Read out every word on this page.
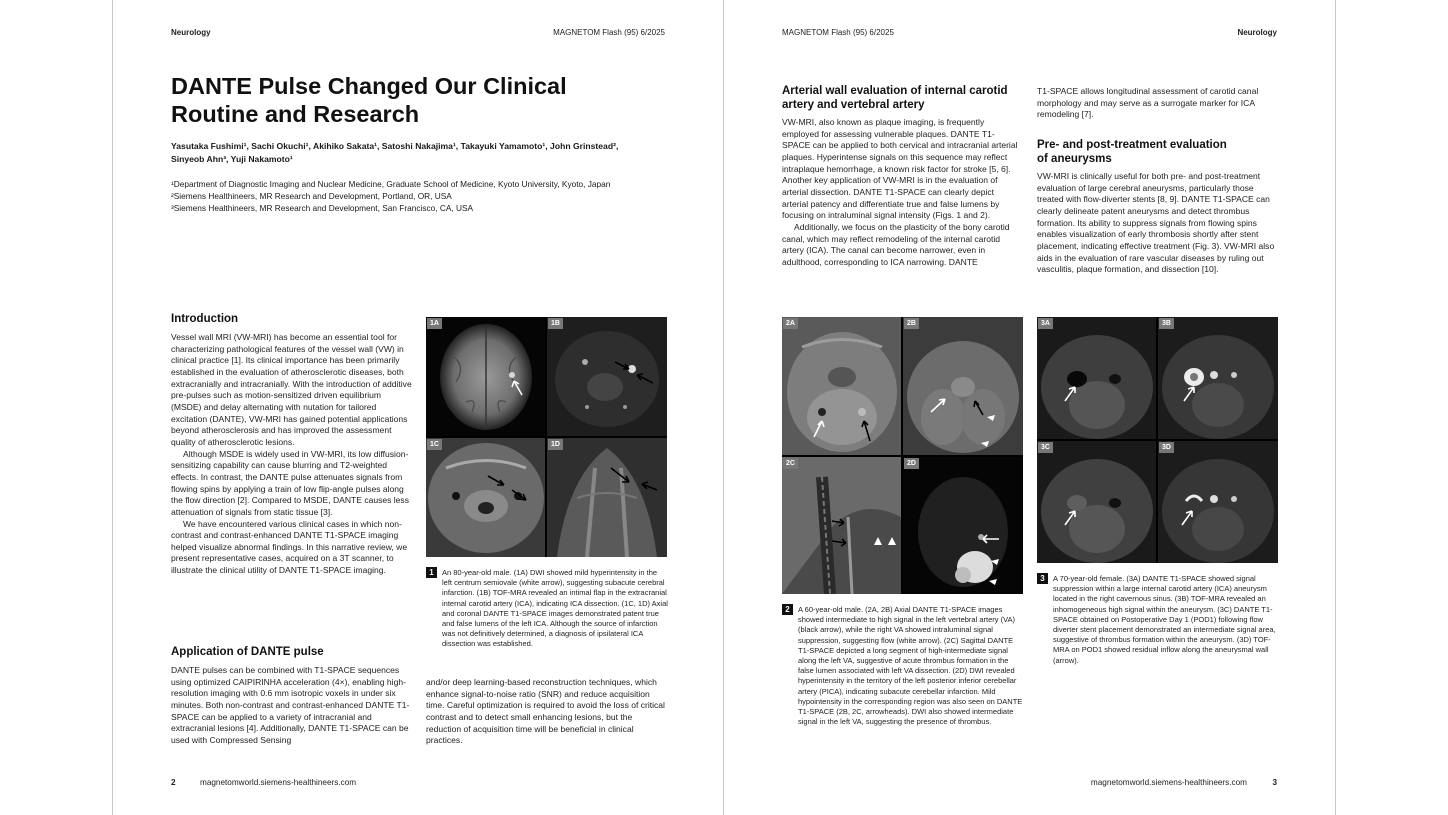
Neurology	MAGNETOM Flash (95) 6/2025
DANTE Pulse Changed Our Clinical
Routine and Research
Yasutaka Fushimi¹, Sachi Okuchi¹, Akihiko Sakata¹, Satoshi Nakajima¹, Takayuki Yamamoto¹, John Grinstead²,
Sinyeob Ahn³, Yuji Nakamoto¹
¹Department of Diagnostic Imaging and Nuclear Medicine, Graduate School of Medicine, Kyoto University, Kyoto, Japan
²Siemens Healthineers, MR Research and Development, Portland, OR, USA
³Siemens Healthineers, MR Research and Development, San Francisco, CA, USA
Introduction

Vessel wall MRI (VW-MRI) has become an essential tool for characterizing pathological features of the vessel wall (VW) in clinical practice [1]. Its clinical importance has been primarily established in the evaluation of atherosclerotic diseases, both extracranially and intracranially. With the introduction of additive pre-pulses such as motion-sensitized driven equilibrium (MSDE) and delay alternating with nutation for tailored excitation (DANTE), VW-MRI has gained potential applications beyond atherosclerosis and has improved the assessment quality of atherosclerotic lesions.

Although MSDE is widely used in VW-MRI, its low diffusion-sensitizing capability can cause blurring and T2-weighted effects. In contrast, the DANTE pulse attenuates signals from flowing spins by applying a train of low flip-angle pulses along the flow direction [2]. Compared to MSDE, DANTE causes less attenuation of signals from static tissue [3].

We have encountered various clinical cases in which non-contrast and contrast-enhanced DANTE T1-SPACE imaging helped visualize abnormal findings. In this narrative review, we present representative cases, acquired on a 3T scanner, to illustrate the clinical utility of DANTE T1-SPACE imaging.

1A	1B
1C	1D
1	An 80-year-old male. (1A) DWI showed mild hyperintensity in the left centrum semiovale (white arrow), suggesting subacute cerebral infarction. (1B) TOF-MRA revealed an intimal flap in the extracranial internal carotid artery (ICA), indicating ICA dissection. (1C, 1D) Axial and coronal DANTE T1-SPACE images demonstrated patent true and false lumens of the left ICA. Although the source of infarction was not definitively determined, a diagnosis of ipsilateral ICA dissection was established.
Application of DANTE pulse

DANTE pulses can be combined with T1-SPACE sequences using optimized CAIPIRINHA acceleration (4×), enabling high-resolution imaging with 0.6 mm isotropic voxels in under six minutes. Both non-contrast and contrast-enhanced DANTE T1-SPACE can be applied to a variety of intracranial and extracranial lesions [4]. Additionally, DANTE T1-SPACE can be used with Compressed Sensing

and/or deep learning-based reconstruction techniques, which enhance signal-to-noise ratio (SNR) and reduce acquisition time. Careful optimization is required to avoid the loss of critical contrast and to detect small enhancing lesions, but the reduction of acquisition time will be beneficial in clinical practices.

2	magnetomworld.siemens-healthineers.com
MAGNETOM Flash (95) 6/2025	Neurology
Arterial wall evaluation of internal carotid
artery and vertebral artery

VW-MRI, also known as plaque imaging, is frequently employed for assessing vulnerable plaques. DANTE T1-SPACE can be applied to both cervical and intracranial arterial plaques. Hyperintense signals on this sequence may reflect intraplaque hemorrhage, a known risk factor for stroke [5, 6]. Another key application of VW-MRI is in the evaluation of arterial dissection. DANTE T1-SPACE can clearly depict arterial patency and differentiate true and false lumens by focusing on intraluminal signal intensity (Figs. 1 and 2).

Additionally, we focus on the plasticity of the bony carotid canal, which may reflect remodeling of the internal carotid artery (ICA). The canal can become narrower, even in adulthood, corresponding to ICA narrowing. DANTE

T1-SPACE allows longitudinal assessment of carotid canal morphology and may serve as a surrogate marker for ICA remodeling [7].

Pre- and post-treatment evaluation
of aneurysms

VW-MRI is clinically useful for both pre- and post-treatment evaluation of large cerebral aneurysms, particularly those treated with flow-diverter stents [8, 9]. DANTE T1-SPACE can clearly delineate patent aneurysms and detect thrombus formation. Its ability to suppress signals from flowing spins enables visualization of early thrombosis shortly after stent placement, indicating effective treatment (Fig. 3). VW-MRI also aids in the evaluation of rare vascular diseases by ruling out vasculitis, plaque formation, and dissection [10].

2A	2B
2C	2D
2	A 60-year-old male. (2A, 2B) Axial DANTE T1-SPACE images showed intermediate to high signal in the left vertebral artery (VA) (black arrow), while the right VA showed intraluminal signal suppression, suggesting flow (white arrow). (2C) Sagittal DANTE T1-SPACE depicted a long segment of high-intermediate signal along the left VA, suggestive of acute thrombus formation in the false lumen associated with left VA dissection. (2D) DWI revealed hyperintensity in the territory of the left posterior inferior cerebellar artery (PICA), indicating subacute cerebellar infarction. Mild hypointensity in the corresponding region was also seen on DANTE T1-SPACE (2B, 2C, arrowheads). DWI also showed intermediate signal in the left VA, suggesting the presence of thrombus.
3A	3B
3C	3D
3	A 70-year-old female. (3A) DANTE T1-SPACE showed signal suppression within a large internal carotid artery (ICA) aneurysm located in the right cavernous sinus. (3B) TOF-MRA revealed an inhomogeneous high signal within the aneurysm. (3C) DANTE T1-SPACE obtained on Postoperative Day 1 (POD1) following flow diverter stent placement demonstrated an intermediate signal area, suggestive of thrombus formation within the aneurysm. (3D) TOF-MRA on POD1 showed residual inflow along the aneurysmal wall (arrow).
magnetomworld.siemens-healthineers.com	3
